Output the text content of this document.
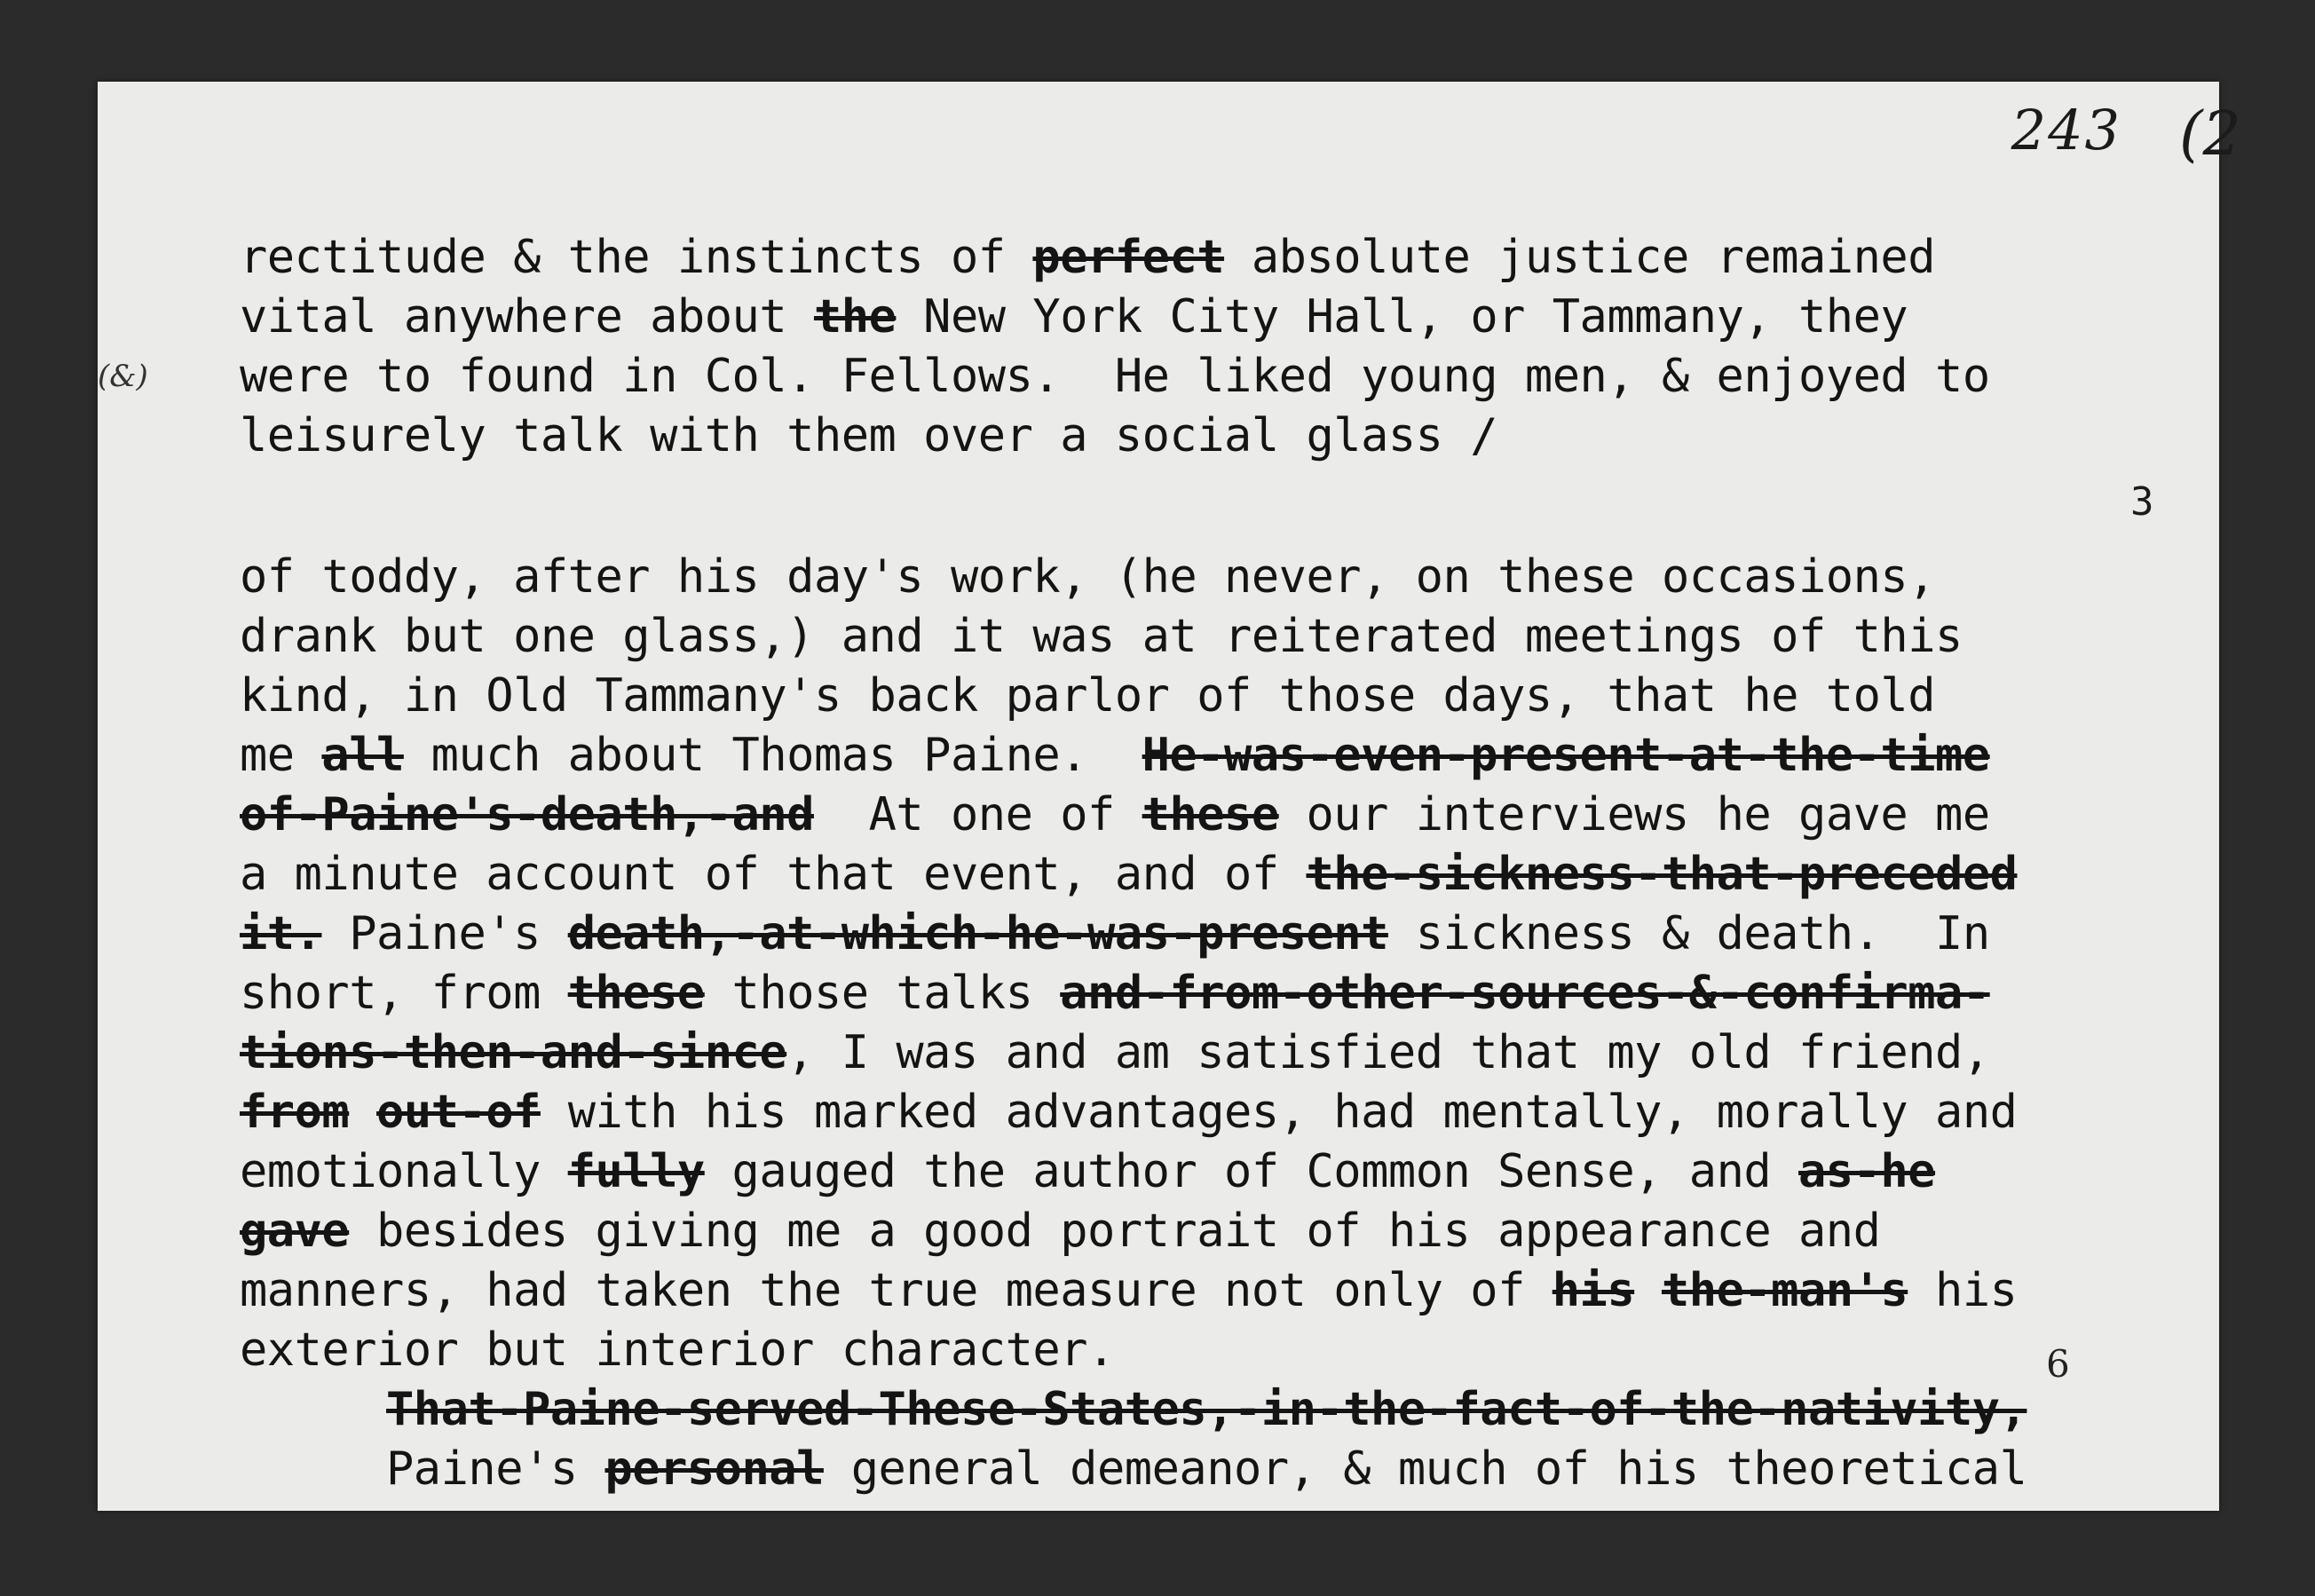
243 (2
(&)
3
6
rectitude & the instincts of perfect absolute justice remained
vital anywhere about the New York City Hall, or Tammany, they
were to found in Col. Fellows.  He liked young men, & enjoyed to
leisurely talk with them over a social glass /
of toddy, after his day's work, (he never, on these occasions,
drank but one glass,) and it was at reiterated meetings of this
kind, in Old Tammany's back parlor of those days, that he told
me all much about Thomas Paine.  He-was-even-present-at-the-time
of-Paine's-death,-and  At one of these our interviews he gave me
a minute account of that event, and of the-sickness-that-preceded
it. Paine's death,-at-which-he-was-present sickness & death.  In
short, from these those talks and-from-other-sources-&-confirma-
tions-then-and-since, I was and am satisfied that my old friend,
from out-of with his marked advantages, had mentally, morally and
emotionally fully gauged the author of Common Sense, and as-he
gave besides giving me a good portrait of his appearance and
manners, had taken the true measure not only of his the-man's his
exterior but interior character.
That-Paine-served-These-States,-in-the-fact-of-the-nativity,
Paine's personal general demeanor, & much of his theoretical
